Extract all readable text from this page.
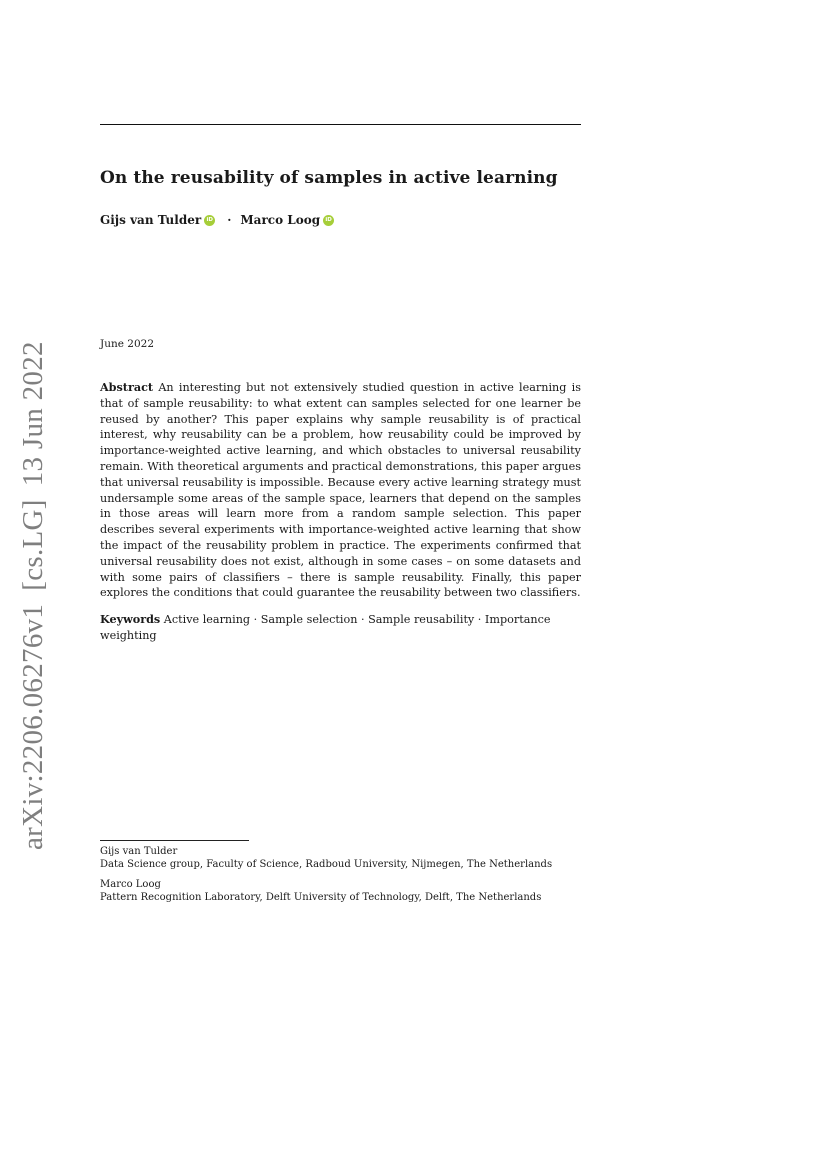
arXiv:2206.06276v1[cs.LG]13 Jun 2022
On the reusability of samples in active learning
Gijs van Tulder iD · Marco Loog iD
June 2022

Abstract An interesting but not extensively studied question in active learning is that of sample reusability: to what extent can samples selected for one learner be reused by another? This paper explains why sample reusability is of practical interest, why reusability can be a problem, how reusability could be improved by importance-weighted active learning, and which obstacles to universal reusability remain. With theoretical arguments and practical demonstrations, this paper argues that universal reusability is impossible. Because every active learning strategy must undersample some areas of the sample space, learners that depend on the samples in those areas will learn more from a random sample selection. This paper describes several experiments with importance-weighted active learning that show the impact of the reusability problem in practice. The experiments confirmed that universal reusability does not exist, although in some cases – on some datasets and with some pairs of classifiers – there is sample reusability. Finally, this paper explores the conditions that could guarantee the reusability between two classifiers.

Keywords Active learning · Sample selection · Sample reusability · Importance weighting

Gijs van Tulder
Data Science group, Faculty of Science, Radboud University, Nijmegen, The Netherlands
Marco Loog
Pattern Recognition Laboratory, Delft University of Technology, Delft, The Netherlands
